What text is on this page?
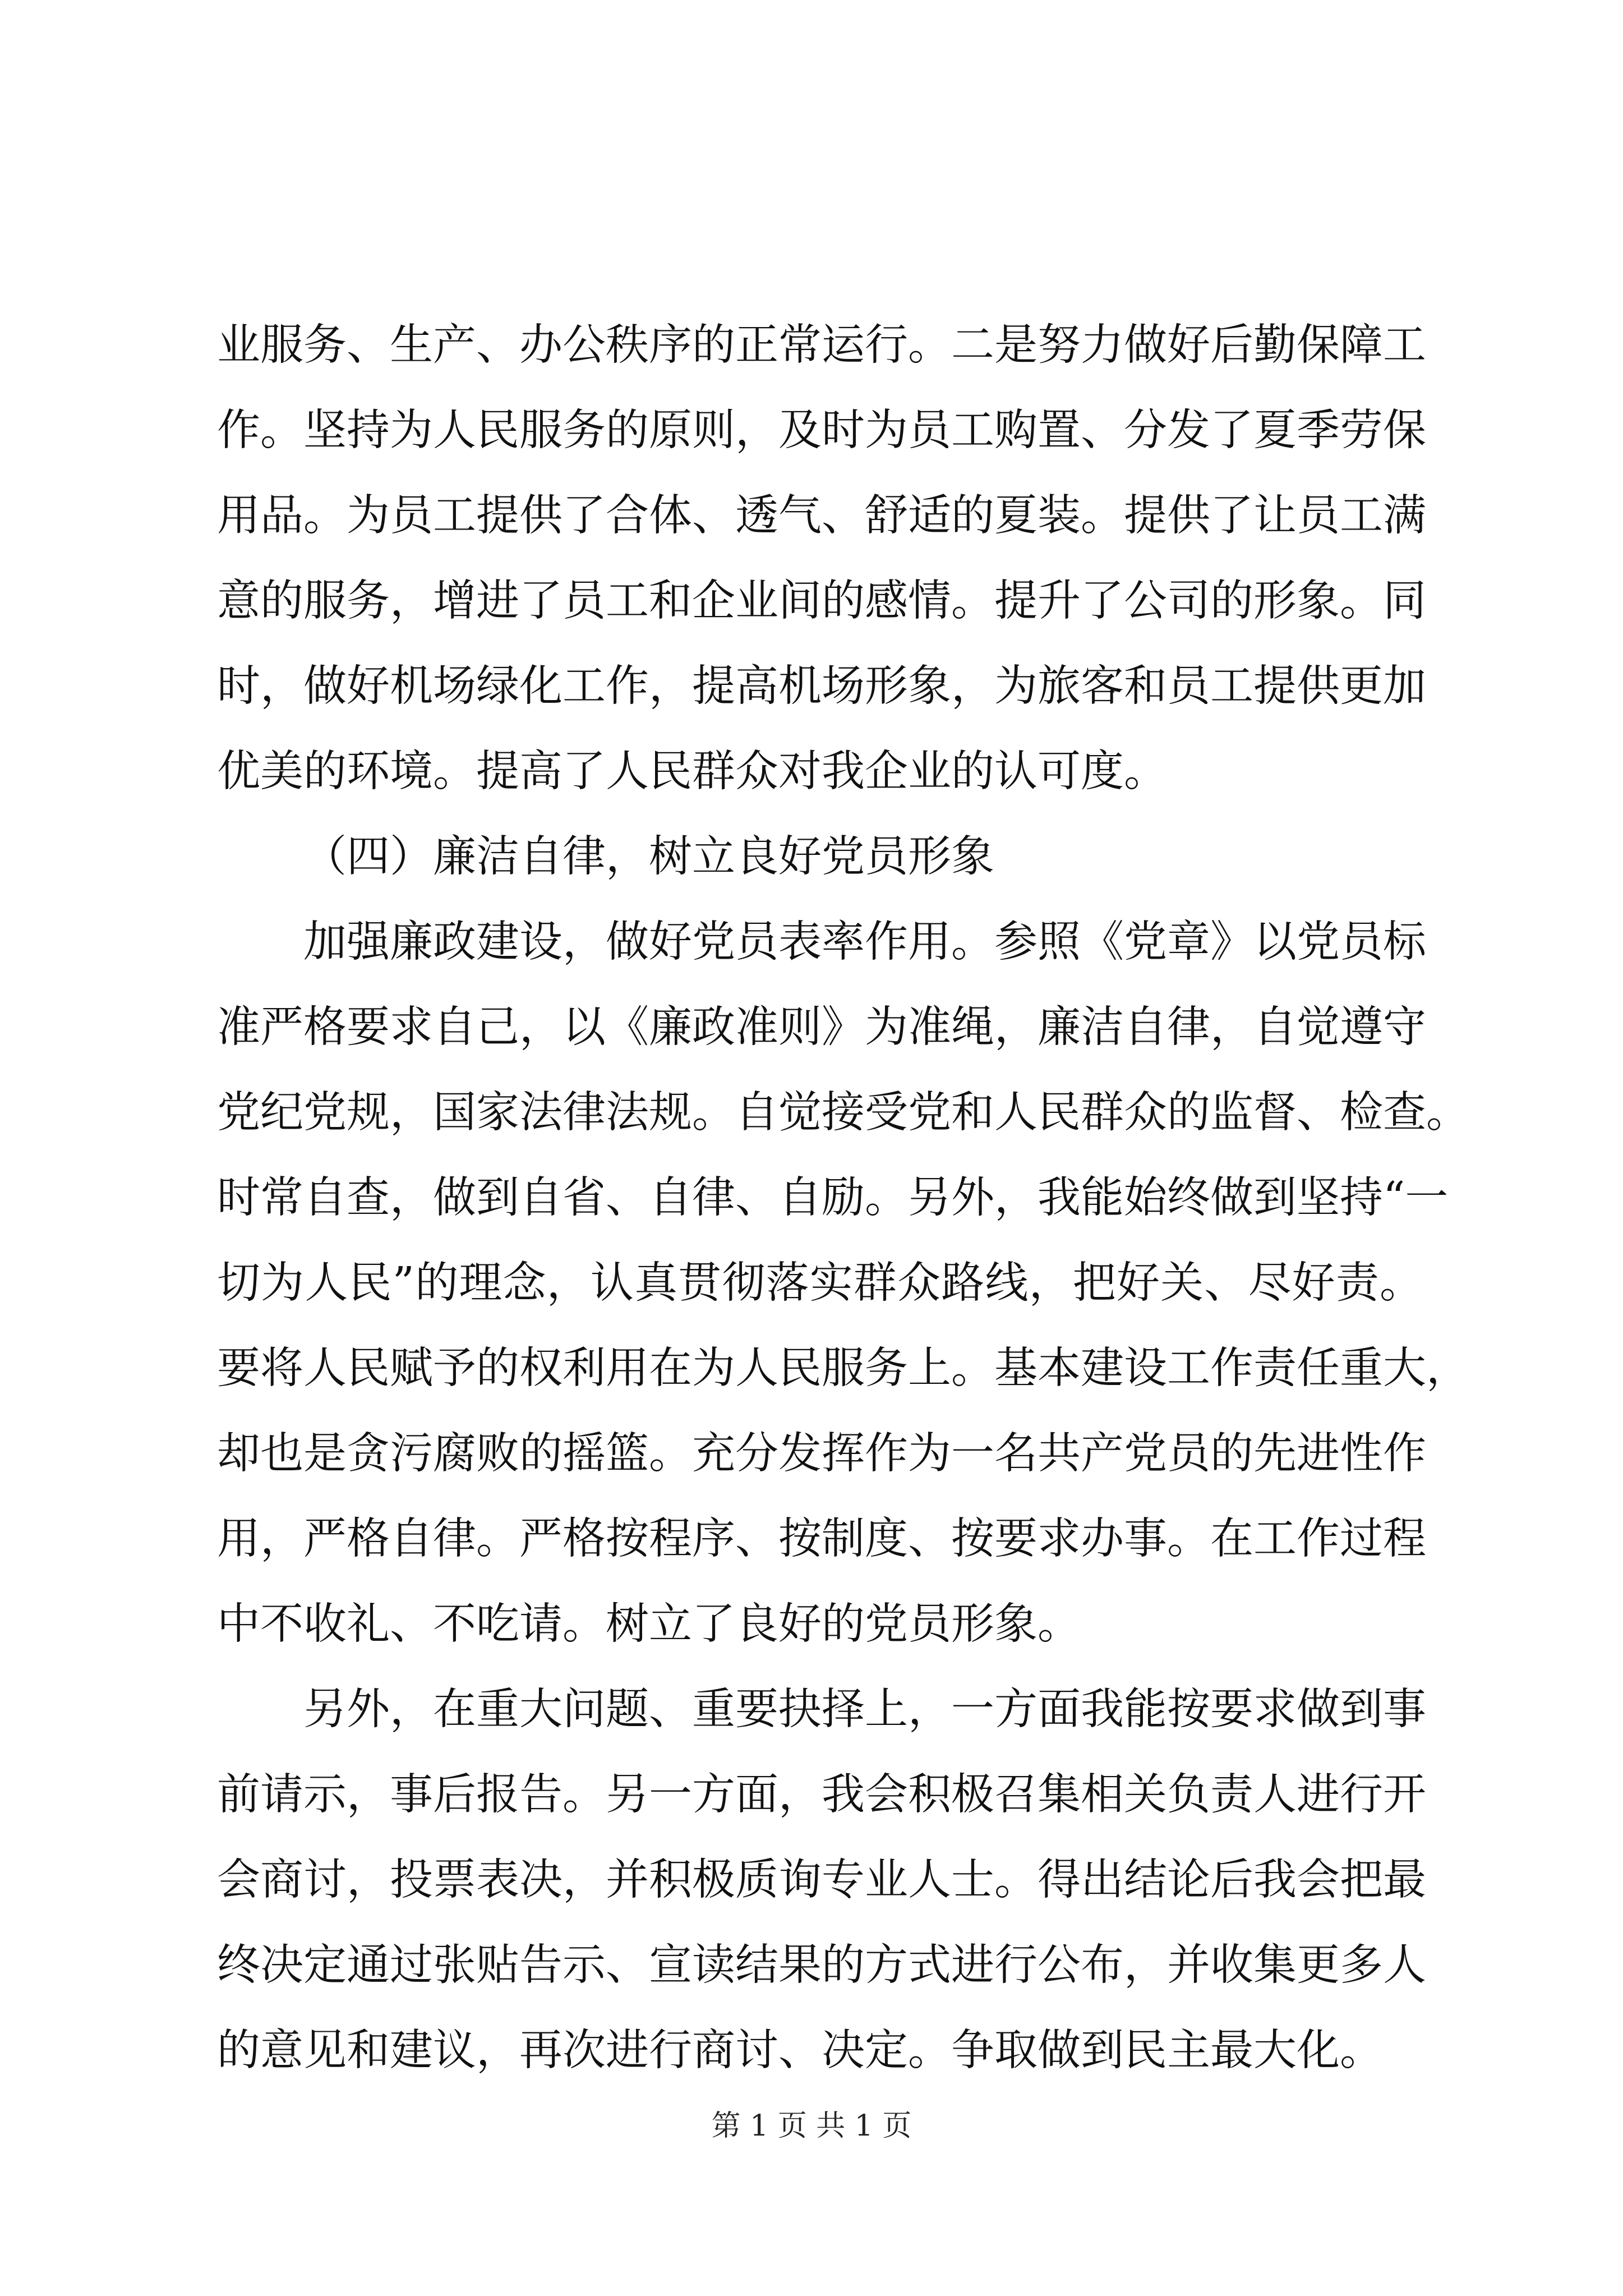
业服务、生产、办公秩序的正常运行。二是努力做好后勤保障工
作。坚持为人民服务的原则，及时为员工购置、分发了夏季劳保
用品。为员工提供了合体、透气、舒适的夏装。提供了让员工满
意的服务，增进了员工和企业间的感情。提升了公司的形象。同
时，做好机场绿化工作，提高机场形象，为旅客和员工提供更加
优美的环境。提高了人民群众对我企业的认可度。
（四）廉洁自律，树立良好党员形象
加强廉政建设，做好党员表率作用。参照《党章》以党员标
准严格要求自己，以《廉政准则》为准绳，廉洁自律，自觉遵守
党纪党规，国家法律法规。自觉接受党和人民群众的监督、检查。
时常自查，做到自省、自律、自励。另外，我能始终做到坚持“一
切为人民”的理念，认真贯彻落实群众路线，把好关、尽好责。
要将人民赋予的权利用在为人民服务上。基本建设工作责任重大，
却也是贪污腐败的摇篮。充分发挥作为一名共产党员的先进性作
用，严格自律。严格按程序、按制度、按要求办事。在工作过程
中不收礼、不吃请。树立了良好的党员形象。
另外，在重大问题、重要抉择上，一方面我能按要求做到事
前请示，事后报告。另一方面，我会积极召集相关负责人进行开
会商讨，投票表决，并积极质询专业人士。得出结论后我会把最
终决定通过张贴告示、宣读结果的方式进行公布，并收集更多人
的意见和建议，再次进行商讨、决定。争取做到民主最大化。
第 1 页 共 1 页
